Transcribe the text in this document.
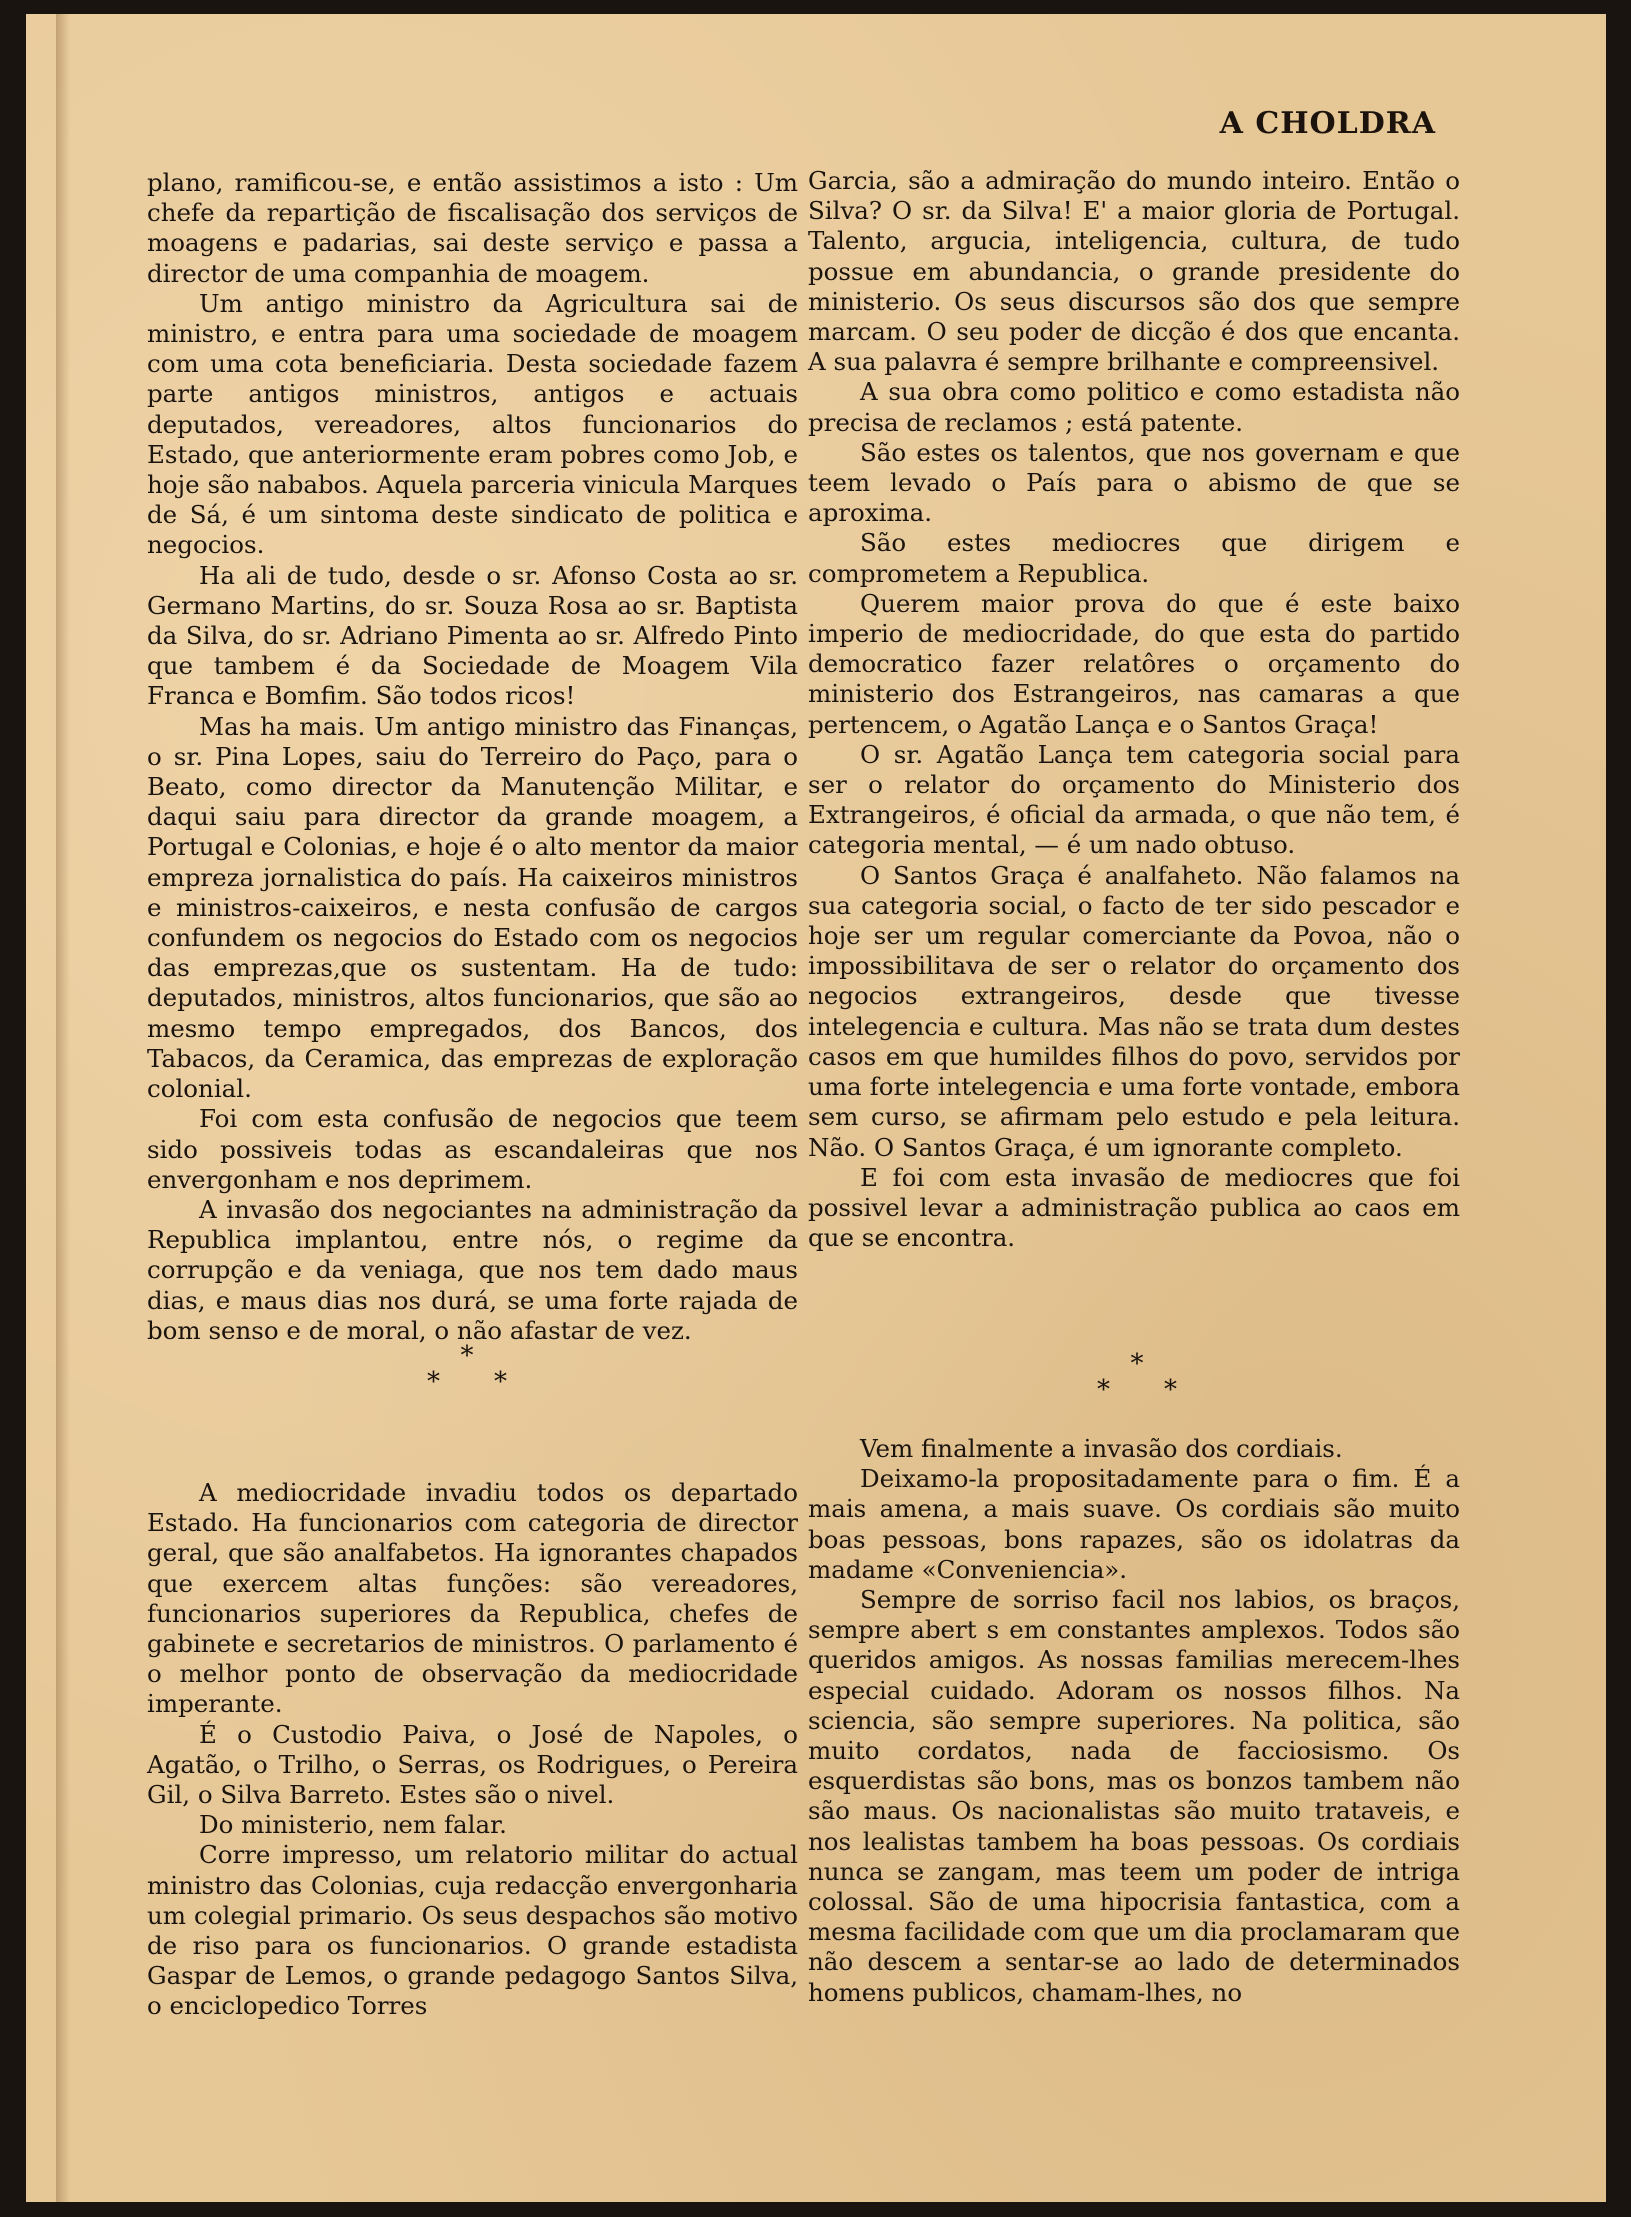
A CHOLDRA

plano, ramificou-se, e então assistimos a isto : Um chefe da repartição de fiscalisação dos serviços de moagens e padarias, sai deste serviço e passa a director de uma companhia de moagem.

Um antigo ministro da Agricultura sai de ministro, e entra para uma sociedade de moagem com uma cota beneficiaria. Desta sociedade fazem parte antigos ministros, antigos e actuais deputados, vereadores, altos funcionarios do Estado, que anteriormente eram pobres como Job, e hoje são nababos. Aquela parceria vinicula Marques de Sá, é um sintoma deste sindicato de politica e negocios.

Ha ali de tudo, desde o sr. Afonso Costa ao sr. Germano Martins, do sr. Souza Rosa ao sr. Baptista da Silva, do sr. Adriano Pimenta ao sr. Alfredo Pinto que tambem é da Sociedade de Moagem Vila Franca e Bomfim. São todos ricos!

Mas ha mais. Um antigo ministro das Finanças, o sr. Pina Lopes, saiu do Terreiro do Paço, para o Beato, como director da Manutenção Militar, e daqui saiu para director da grande moagem, a Portugal e Colonias, e hoje é o alto mentor da maior empreza jornalistica do país. Ha caixeiros ministros e ministros-caixeiros, e nesta confusão de cargos confundem os negocios do Estado com os negocios das emprezas,que os sustentam. Ha de tudo: deputados, ministros, altos funcionarios, que são ao mesmo tempo empregados, dos Bancos, dos Tabacos, da Ceramica, das emprezas de exploração colonial.

Foi com esta confusão de negocios que teem sido possiveis todas as escandaleiras que nos envergonham e nos deprimem.

A invasão dos negociantes na administração da Republica implantou, entre nós, o regime da corrupção e da veniaga, que nos tem dado maus dias, e maus dias nos durá, se uma forte rajada de bom senso e de moral, o não afastar de vez.

Garcia, são a admiração do mundo inteiro. Então o Silva? O sr. da Silva! E' a maior gloria de Portugal. Talento, argucia, inteligencia, cultura, de tudo possue em abundancia, o grande presidente do ministerio. Os seus discursos são dos que sempre marcam. O seu poder de dicção é dos que encanta. A sua palavra é sempre brilhante e compreensivel.

A sua obra como politico e como estadista não precisa de reclamos ; está patente.

São estes os talentos, que nos governam e que teem levado o País para o abismo de que se aproxima.

São estes mediocres que dirigem e comprometem a Republica.

Querem maior prova do que é este baixo imperio de mediocridade, do que esta do partido democratico fazer relatôres o orçamento do ministerio dos Estrangeiros, nas camaras a que pertencem, o Agatão Lança e o Santos Graça!

O sr. Agatão Lança tem categoria social para ser o relator do orçamento do Ministerio dos Extrangeiros, é oficial da armada, o que não tem, é categoria mental, — é um nado obtuso.

O Santos Graça é analfaheto. Não falamos na sua categoria social, o facto de ter sido pescador e hoje ser um regular comerciante da Povoa, não o impossibilitava de ser o relator do orçamento dos negocios extrangeiros, desde que tivesse intelegencia e cultura. Mas não se trata dum destes casos em que humildes filhos do povo, servidos por uma forte intelegencia e uma forte vontade, embora sem curso, se afirmam pelo estudo e pela leitura. Não. O Santos Graça, é um ignorante completo.

E foi com esta invasão de mediocres que foi possivel levar a administração publica ao caos em que se encontra.

*
* *
*
* *

A mediocridade invadiu todos os departado Estado. Ha funcionarios com categoria de director geral, que são analfabetos. Ha ignorantes chapados que exercem altas funções: são vereadores, funcionarios superiores da Republica, chefes de gabinete e secretarios de ministros. O parlamento é o melhor ponto de observação da mediocridade imperante.

É o Custodio Paiva, o José de Napoles, o Agatão, o Trilho, o Serras, os Rodrigues, o Pereira Gil, o Silva Barreto. Estes são o nivel.

Do ministerio, nem falar.

Corre impresso, um relatorio militar do actual ministro das Colonias, cuja redacção envergonharia um colegial primario. Os seus despachos são motivo de riso para os funcionarios. O grande estadista Gaspar de Lemos, o grande pedagogo Santos Silva, o enciclopedico Torres

Vem finalmente a invasão dos cordiais.

Deixamo-la propositadamente para o fim. É a mais amena, a mais suave. Os cordiais são muito boas pessoas, bons rapazes, são os idolatras da madame «Conveniencia».

Sempre de sorriso facil nos labios, os braços, sempre abert s em constantes amplexos. Todos são queridos amigos. As nossas familias merecem-lhes especial cuidado. Adoram os nossos filhos. Na sciencia, são sempre superiores. Na politica, são muito cordatos, nada de facciosismo. Os esquerdistas são bons, mas os bonzos tambem não são maus. Os nacionalistas são muito trataveis, e nos lealistas tambem ha boas pessoas. Os cordiais nunca se zangam, mas teem um poder de intriga colossal. São de uma hipocrisia fantastica, com a mesma facilidade com que um dia proclamaram que não descem a sentar-se ao lado de determinados homens publicos, chamam-lhes, no
